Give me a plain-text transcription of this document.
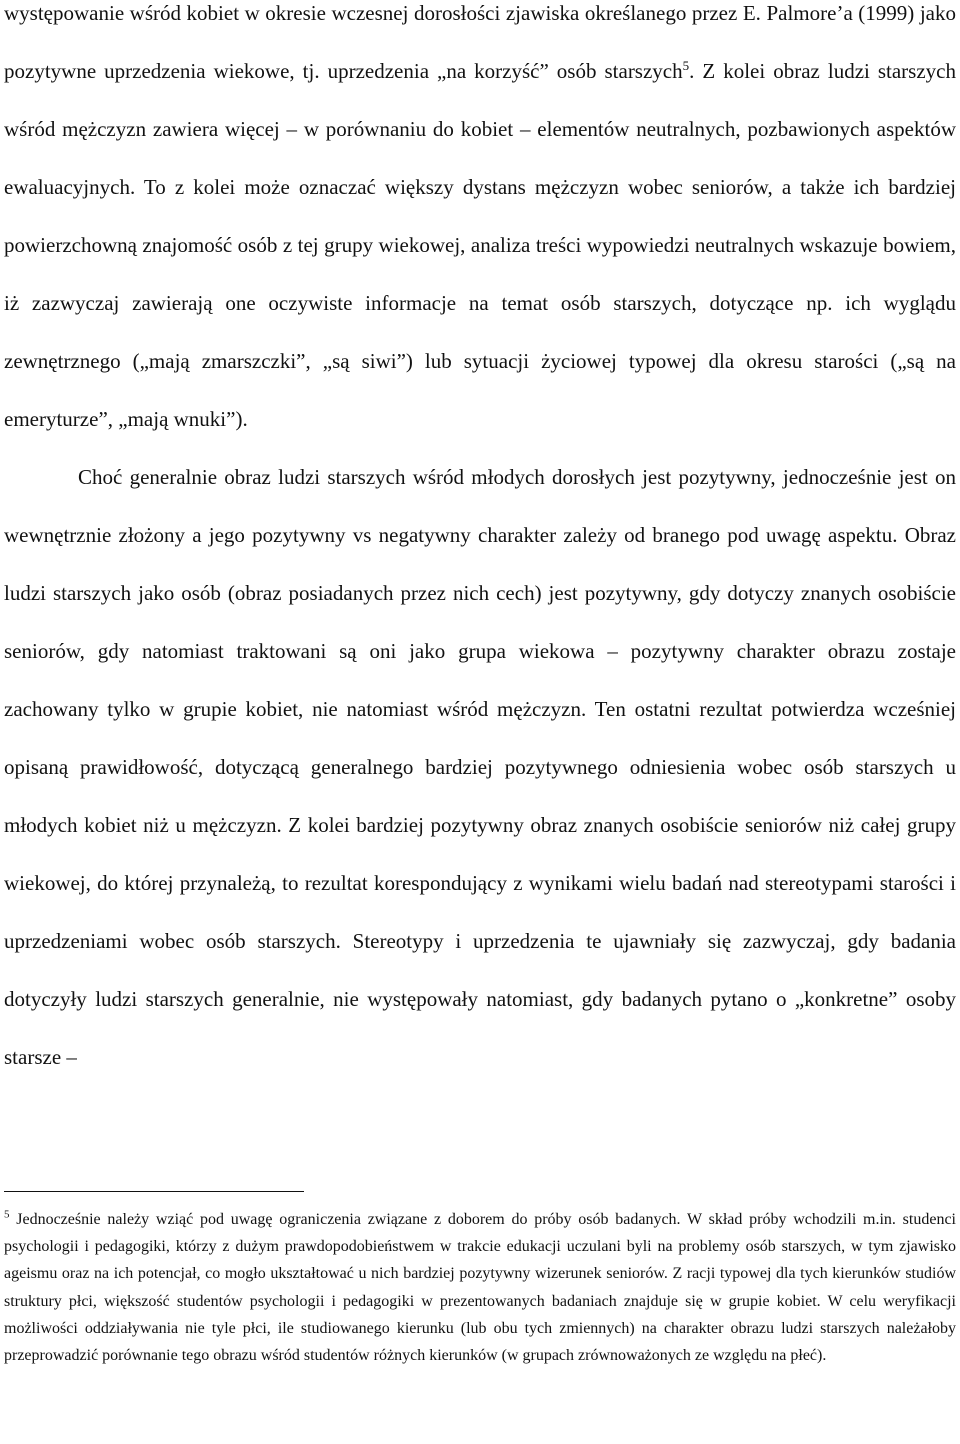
występowanie wśród kobiet w okresie wczesnej dorosłości zjawiska określanego przez E. Palmore’a (1999) jako pozytywne uprzedzenia wiekowe, tj. uprzedzenia „na korzyść” osób starszych$^5$. Z kolei obraz ludzi starszych wśród mężczyzn zawiera więcej – w porównaniu do kobiet – elementów neutralnych, pozbawionych aspektów ewaluacyjnych. To z kolei może oznaczać większy dystans mężczyzn wobec seniorów, a także ich bardziej powierzchowną znajomość osób z tej grupy wiekowej, analiza treści wypowiedzi neutralnych wskazuje bowiem, iż zazwyczaj zawierają one oczywiste informacje na temat osób starszych, dotyczące np. ich wyglądu zewnętrznego („mają zmarszczki”, „są siwi”) lub sytuacji życiowej typowej dla okresu starości („są na emeryturze”, „mają wnuki”).

Choć generalnie obraz ludzi starszych wśród młodych dorosłych jest pozytywny, jednocześnie jest on wewnętrznie złożony a jego pozytywny vs negatywny charakter zależy od branego pod uwagę aspektu. Obraz ludzi starszych jako osób (obraz posiadanych przez nich cech) jest pozytywny, gdy dotyczy znanych osobiście seniorów, gdy natomiast traktowani są oni jako grupa wiekowa – pozytywny charakter obrazu zostaje zachowany tylko w grupie kobiet, nie natomiast wśród mężczyzn. Ten ostatni rezultat potwierdza wcześniej opisaną prawidłowość, dotyczącą generalnego bardziej pozytywnego odniesienia wobec osób starszych u młodych kobiet niż u mężczyzn. Z kolei bardziej pozytywny obraz znanych osobiście seniorów niż całej grupy wiekowej, do której przynależą, to rezultat korespondujący z wynikami wielu badań nad stereotypami starości i uprzedzeniami wobec osób starszych. Stereotypy i uprzedzenia te ujawniały się zazwyczaj, gdy badania dotyczyły ludzi starszych generalnie, nie występowały natomiast, gdy badanych pytano o „konkretne” osoby starsze –

$^5$ Jednocześnie należy wziąć pod uwagę ograniczenia związane z doborem do próby osób badanych. W skład próby wchodzili m.in. studenci psychologii i pedagogiki, którzy z dużym prawdopodobieństwem w trakcie edukacji uczulani byli na problemy osób starszych, w tym zjawisko ageismu oraz na ich potencjał, co mogło ukształtować u nich bardziej pozytywny wizerunek seniorów. Z racji typowej dla tych kierunków studiów struktury płci, większość studentów psychologii i pedagogiki w prezentowanych badaniach znajduje się w grupie kobiet. W celu weryfikacji możliwości oddziaływania nie tyle płci, ile studiowanego kierunku (lub obu tych zmiennych) na charakter obrazu ludzi starszych należałoby przeprowadzić porównanie tego obrazu wśród studentów różnych kierunków (w grupach zrównoważonych ze względu na płeć).
